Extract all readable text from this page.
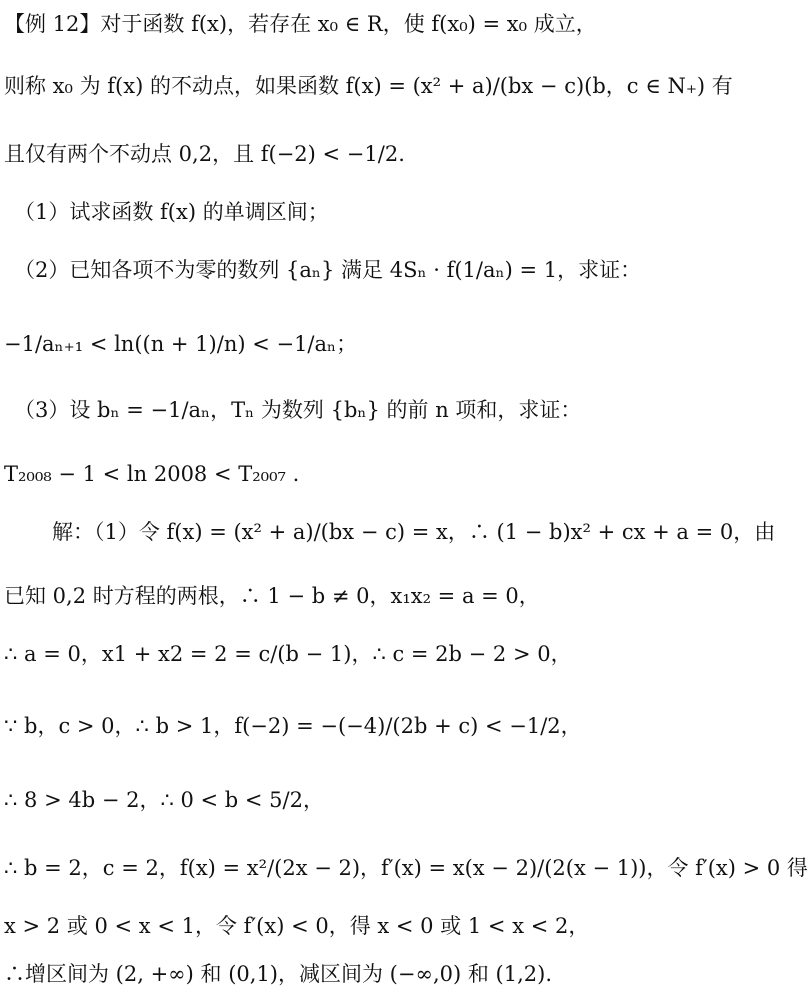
【例 12】对于函数 f(x)，若存在 x₀ ∈ R，使 f(x₀) = x₀ 成立，
则称 x₀ 为 f(x) 的不动点，如果函数 f(x) = (x² + a)/(bx − c)(b，c ∈ N₊) 有
且仅有两个不动点 0,2，且 f(−2) < −1/2.
（1）试求函数 f(x) 的单调区间；
（2）已知各项不为零的数列 {aₙ} 满足 4Sₙ · f(1/aₙ) = 1，求证：
−1/aₙ₊₁ < ln((n + 1)/n) < −1/aₙ；
（3）设 bₙ = −1/aₙ，Tₙ 为数列 {bₙ} 的前 n 项和，求证：
T₂₀₀₈ − 1 < ln 2008 < T₂₀₀₇ .
解：（1）令 f(x) = (x² + a)/(bx − c) = x，∴ (1 − b)x² + cx + a = 0，由
已知 0,2 时方程的两根，∴ 1 − b ≠ 0，x₁x₂ = a = 0，
∴ a = 0，x1 + x2 = 2 = c/(b − 1)，∴ c = 2b − 2 > 0，
∵ b，c > 0，∴ b > 1，f(−2) = −(−4)/(2b + c) < −1/2，
∴ 8 > 4b − 2，∴ 0 < b < 5/2，
∴ b = 2，c = 2，f(x) = x²/(2x − 2)，f′(x) = x(x − 2)/(2(x − 1))，令 f′(x) > 0 得
x > 2 或 0 < x < 1，令 f′(x) < 0，得 x < 0 或 1 < x < 2，
∴增区间为 (2, +∞) 和 (0,1)，减区间为 (−∞,0) 和 (1,2).
